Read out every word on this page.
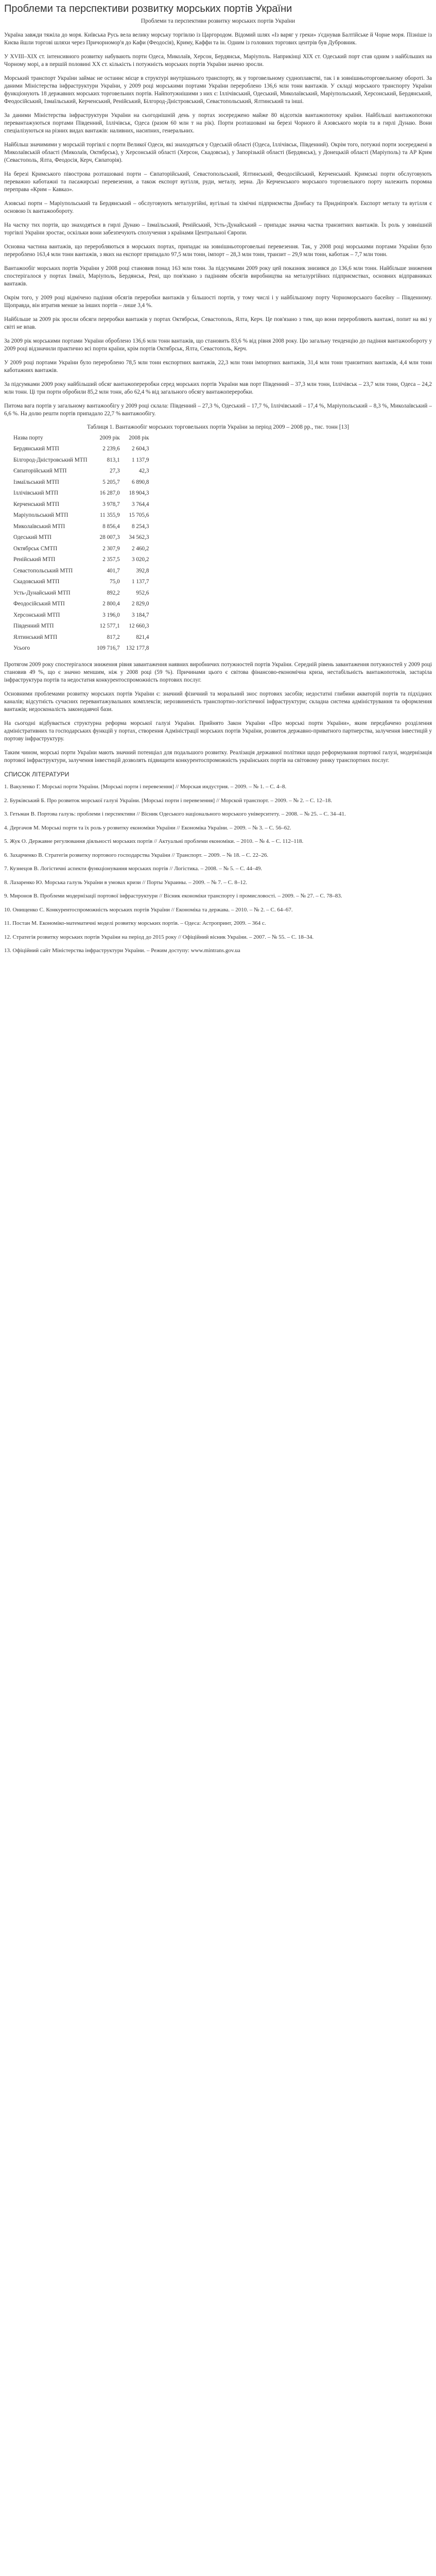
Проблеми та перспективи розвитку морських портів України
Проблеми та перспективи розвитку морських портів України

Україна завжди тяжіла до моря. Київська Русь вела велику морську торгівлю із Царгородом. Відомий шлях «Із варяг у греки» з'єднував Балтійське й Чорне моря. Пізніше із Києва йшли торгові шляхи через Причорномор'я до Кафи (Феодосія), Криму, Каффи та ін. Одним із головних торгових центрів був Дубровник.

У XVIII–XIX ст. інтенсивного розвитку набувають порти Одеса, Миколаїв, Херсон, Бердянськ, Маріуполь. Наприкінці XIX ст. Одеський порт став одним з найбільших на Чорному морі, а в першій половині ХХ ст. кількість і потужність морських портів України значно зросли.

Морський транспорт України займає не останнє місце в структурі внутрішнього транспорту, як у торговельному судноплавстві, так і в зовнішньоторговельному обороті. За даними Міністерства інфраструктури України, у 2009 році морськими портами України перероблено 136,6 млн тонн вантажів. У складі морського транспорту України функціонують 18 державних морських торговельних портів. Найпотужнішими з них є: Іллічівський, Одеський, Миколаївський, Маріупольський, Херсонський, Бердянський, Феодосійський, Ізмаїльський, Керченський, Ренійський, Білгород-Дністровський, Севастопольський, Ялтинський та інші.

За даними Міністерства інфраструктури України на сьогоднішній день у портах зосереджено майже 80 відсотків вантажопотоку країни. Найбільші вантажопотоки перевантажуються портами Південний, Іллічівськ, Одеса (разом 60 млн т на рік). Порти розташовані на березі Чорного й Азовського морів та в гирлі Дунаю. Вони спеціалізуються на різних видах вантажів: наливних, насипних, генеральних.

Найбільш значимими у морській торгівлі є порти Великої Одеси, які знаходяться у Одеській області (Одеса, Іллічівськ, Південний). Окрім того, потужні порти зосереджені в Миколаївській області (Миколаїв, Октябрськ), у Херсонській області (Херсон, Скадовськ), у Запорізькій області (Бердянськ), у Донецькій області (Маріуполь) та АР Крим (Севастополь, Ялта, Феодосія, Керч, Євпаторія).

На березі Кримського півострова розташовані порти – Євпаторійський, Севастопольський, Ялтинський, Феодосійський, Керченський. Кримські порти обслуговують переважно каботажні та пасажирські перевезення, а також експорт вугілля, руди, металу, зерна. До Керченського морського торговельного порту належить поромна переправа «Крим – Кавказ».

Азовські порти – Маріупольський та Бердянський – обслуговують металургійні, вугільні та хімічні підприємства Донбасу та Придніпров'я. Експорт металу та вугілля є основою їх вантажообороту.

На частку тих портів, що знаходяться в гирлі Дунаю – Ізмаїльський, Ренійський, Усть-Дунайський – припадає значна частка транзитних вантажів. Їх роль у зовнішній торгівлі України зростає, оскільки вони забезпечують сполучення з країнами Центральної Європи.

Основна частина вантажів, що переробляються в морських портах, припадає на зовнішньоторговельні перевезення. Так, у 2008 році морськими портами України було перероблено 163,4 млн тонн вантажів, з яких на експорт припадало 97,5 млн тонн, імпорт – 28,3 млн тонн, транзит – 29,9 млн тонн, каботаж – 7,7 млн тонн.

Вантажообіг морських портів України у 2008 році становив понад 163 млн тонн. За підсумками 2009 року цей показник знизився до 136,6 млн тонн. Найбільше зниження спостерігалося у портах Ізмаїл, Маріуполь, Бердянськ, Рені, що пов'язано з падінням обсягів виробництва на металургійних підприємствах, основних відправниках вантажів.

Окрім того, у 2009 році відмічено падіння обсягів переробки вантажів у більшості портів, у тому числі і у найбільшому порту Чорноморського басейну – Південному. Щоправда, він втратив менше за інших портів – лише 3,4 %.

Найбільше за 2009 рік зросли обсяги переробки вантажів у портах Октябрськ, Севастополь, Ялта, Керч. Це пов'язано з тим, що вони переробляють вантажі, попит на які у світі не впав.

За 2009 рік морськими портами України оброблено 136,6 млн тонн вантажів, що становить 83,6 % від рівня 2008 року. Цю загальну тенденцію до падіння вантажообороту у 2009 році відзначили практично всі порти країни, крім портів Октябрськ, Ялта, Севастополь, Керч.

У 2009 році портами України було перероблено 78,5 млн тонн експортних вантажів, 22,3 млн тонн імпортних вантажів, 31,4 млн тонн транзитних вантажів, 4,4 млн тонн каботажних вантажів.

За підсумками 2009 року найбільший обсяг вантажопереробки серед морських портів України мав порт Південний – 37,3 млн тонн, Іллічівськ – 23,7 млн тонн, Одеса – 24,2 млн тонн. Ці три порти обробили 85,2 млн тонн, або 62,4 % від загального обсягу вантажопереробки.

Питома вага портів у загальному вантажообігу у 2009 році склала: Південний – 27,3 %, Одеський – 17,7 %, Іллічівський – 17,4 %, Маріупольський – 8,3 %, Миколаївський – 6,6 %. На долю решти портів припадало 22,7 % вантажообігу.

Таблиця 1. Вантажообіг морських торговельних портів України за період 2009 – 2008 рр., тис. тонн [13]
Назва порту	2009 рік	2008 рік
Бердянський МТП	2 239,6	2 604,3
Білгород-Дністровський МТП	813,1	1 137,9
Євпаторійський МТП	27,3	42,3
Ізмаїльський МТП	5 205,7	6 890,8
Іллічівський МТП	16 287,0	18 904,3
Керченський МТП	3 978,7	3 764,4
Маріупольський МТП	11 355,9	15 705,6
Миколаївський МТП	8 856,4	8 254,3
Одеський МТП	28 007,3	34 562,3
Октябрськ СМТП	2 307,9	2 460,2
Ренійський МТП	2 357,5	3 020,2
Севастопольський МТП	401,7	392,8
Скадовський МТП	75,0	1 137,7
Усть-Дунайський МТП	892,2	952,6
Феодосійський МТП	2 800,4	2 829,0
Херсонський МТП	3 196,0	3 184,7
Південний МТП	12 577,1	12 660,3
Ялтинський МТП	817,2	821,4
Усього	109 716,7	132 177,8

Протягом 2009 року спостерігалося зниження рівня завантаження наявних виробничих потужностей портів України. Середній рівень завантаження потужностей у 2009 році становив 49 %, що є значно меншим, ніж у 2008 році (59 %). Причинами цього є світова фінансово-економічна криза, нестабільність вантажопотоків, застаріла інфраструктура портів та недостатня конкурентоспроможність портових послуг.

Основними проблемами розвитку морських портів України є: значний фізичний та моральний знос портових засобів; недостатні глибини акваторій портів та підхідних каналів; відсутність сучасних перевантажувальних комплексів; нерозвиненість транспортно-логістичної інфраструктури; складна система адміністрування та оформлення вантажів; недосконалість законодавчої бази.

На сьогодні відбувається структурна реформа морської галузі України. Прийнято Закон України «Про морські порти України», яким передбачено розділення адміністративних та господарських функцій у портах, створення Адміністрації морських портів України, розвиток державно-приватного партнерства, залучення інвестицій у портову інфраструктуру.

Таким чином, морські порти України мають значний потенціал для подальшого розвитку. Реалізація державної політики щодо реформування портової галузі, модернізація портової інфраструктури, залучення інвестицій дозволять підвищити конкурентоспроможність українських портів на світовому ринку транспортних послуг.

СПИСОК ЛІТЕРАТУРИ
1. Вакуленко Г. Морські порти України. [Морські порти і перевезення] // Морская индустрия. – 2009. – № 1. – С. 4–8.
2. Бурківський Б. Про розвиток морської галузі України. [Морські порти і перевезення] // Морской транспорт. – 2009. – № 2. – С. 12–18.
3. Гетьман В. Портова галузь: проблеми і перспективи // Вісник Одеського національного морського університету. – 2008. – № 25. – С. 34–41.
4. Дергачов М. Морські порти та їх роль у розвитку економіки України // Економіка України. – 2009. – № 3. – С. 56–62.
5. Жук О. Державне регулювання діяльності морських портів // Актуальні проблеми економіки. – 2010. – № 4. – С. 112–118.
6. Захарченко В. Стратегія розвитку портового господарства України // Транспорт. – 2009. – № 18. – С. 22–26.
7. Кузнецов В. Логістичні аспекти функціонування морських портів // Логістика. – 2008. – № 5. – С. 44–49.
8. Лазаренко Ю. Морська галузь України в умовах кризи // Порты Украины. – 2009. – № 7. – С. 8–12.
9. Миронов В. Проблеми модернізації портової інфраструктури // Вісник економіки транспорту і промисловості. – 2009. – № 27. – С. 78–83.
10. Онищенко С. Конкурентоспроможність морських портів України // Економіка та держава. – 2010. – № 2. – С. 64–67.
11. Постан М. Економіко-математичні моделі розвитку морських портів. – Одеса: Астропринт, 2009. – 364 с.
12. Стратегія розвитку морських портів України на період до 2015 року // Офіційний вісник України. – 2007. – № 55. – С. 18–34.
13. Офіційний сайт Міністерства інфраструктури України. – Режим доступу: www.mintrans.gov.ua
